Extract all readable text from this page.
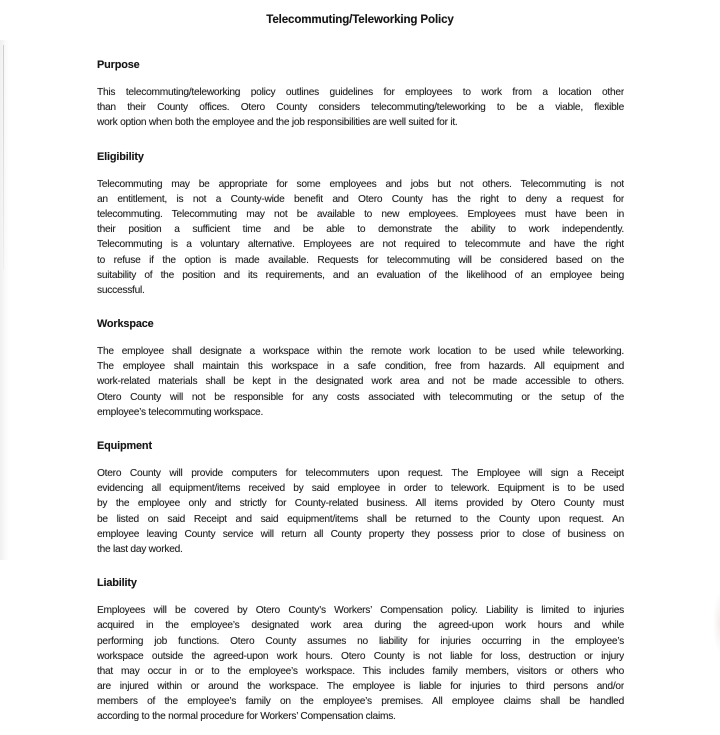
Telecommuting/Teleworking Policy
Purpose
This telecommuting/teleworking policy outlines guidelines for employees to work from a location other
than their County offices. Otero County considers telecommuting/teleworking to be a viable, flexible
work option when both the employee and the job responsibilities are well suited for it.
Eligibility
Telecommuting may be appropriate for some employees and jobs but not others. Telecommuting is not
an entitlement, is not a County-wide benefit and Otero County has the right to deny a request for
telecommuting. Telecommuting may not be available to new employees. Employees must have been in
their position a sufficient time and be able to demonstrate the ability to work independently.
Telecommuting is a voluntary alternative. Employees are not required to telecommute and have the right
to refuse if the option is made available. Requests for telecommuting will be considered based on the
suitability of the position and its requirements, and an evaluation of the likelihood of an employee being
successful.
Workspace
The employee shall designate a workspace within the remote work location to be used while teleworking.
The employee shall maintain this workspace in a safe condition, free from hazards. All equipment and
work-related materials shall be kept in the designated work area and not be made accessible to others.
Otero County will not be responsible for any costs associated with telecommuting or the setup of the
employee’s telecommuting workspace.
Equipment
Otero County will provide computers for telecommuters upon request. The Employee will sign a Receipt
evidencing all equipment/items received by said employee in order to telework. Equipment is to be used
by the employee only and strictly for County-related business. All items provided by Otero County must
be listed on said Receipt and said equipment/items shall be returned to the County upon request. An
employee leaving County service will return all County property they possess prior to close of business on
the last day worked.
Liability
Employees will be covered by Otero County’s Workers’ Compensation policy. Liability is limited to injuries
acquired in the employee’s designated work area during the agreed-upon work hours and while
performing job functions. Otero County assumes no liability for injuries occurring in the employee’s
workspace outside the agreed-upon work hours. Otero County is not liable for loss, destruction or injury
that may occur in or to the employee’s workspace. This includes family members, visitors or others who
are injured within or around the workspace. The employee is liable for injuries to third persons and/or
members of the employee’s family on the employee’s premises. All employee claims shall be handled
according to the normal procedure for Workers’ Compensation claims.
